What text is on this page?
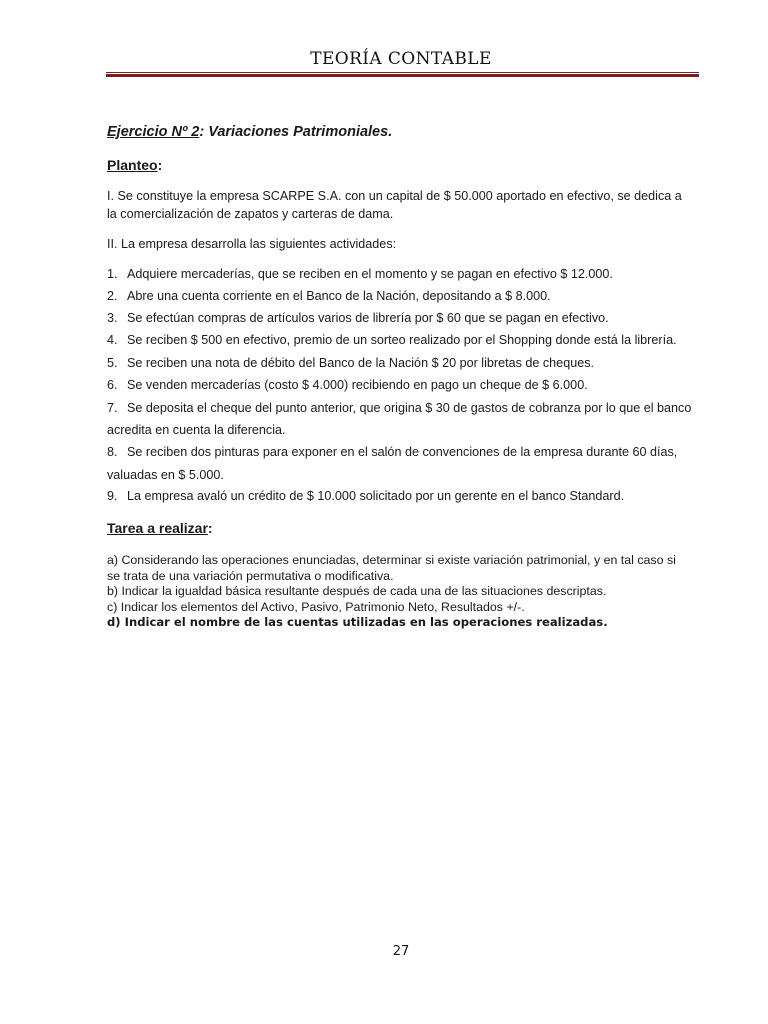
TEORÍA CONTABLE
Ejercicio Nº 2: Variaciones Patrimoniales.
Planteo:
I. Se constituye la empresa SCARPE S.A. con un capital de $ 50.000 aportado en efectivo, se dedica a
la comercialización de zapatos y carteras de dama.
II. La empresa desarrolla las siguientes actividades:
1. Adquiere mercaderías, que se reciben en el momento y se pagan en efectivo $ 12.000.
2. Abre una cuenta corriente en el Banco de la Nación, depositando a $ 8.000.
3. Se efectúan compras de artículos varios de librería por $ 60 que se pagan en efectivo.
4. Se reciben $ 500 en efectivo, premio de un sorteo realizado por el Shopping donde está la librería.
5. Se reciben una nota de débito del Banco de la Nación $ 20 por libretas de cheques.
6. Se venden mercaderías (costo $ 4.000) recibiendo en pago un cheque de $ 6.000.
7. Se deposita el cheque del punto anterior, que origina $ 30 de gastos de cobranza por lo que el banco
acredita en cuenta la diferencia.
8. Se reciben dos pinturas para exponer en el salón de convenciones de la empresa durante 60 días,
valuadas en $ 5.000.
9. La empresa avaló un crédito de $ 10.000 solicitado por un gerente en el banco Standard.
Tarea a realizar:
a) Considerando las operaciones enunciadas, determinar si existe variación patrimonial, y en tal caso si
se trata de una variación permutativa o modificativa.
b) Indicar la igualdad básica resultante después de cada una de las situaciones descriptas.
c) Indicar los elementos del Activo, Pasivo, Patrimonio Neto, Resultados +/-.
d) Indicar el nombre de las cuentas utilizadas en las operaciones realizadas.
27
